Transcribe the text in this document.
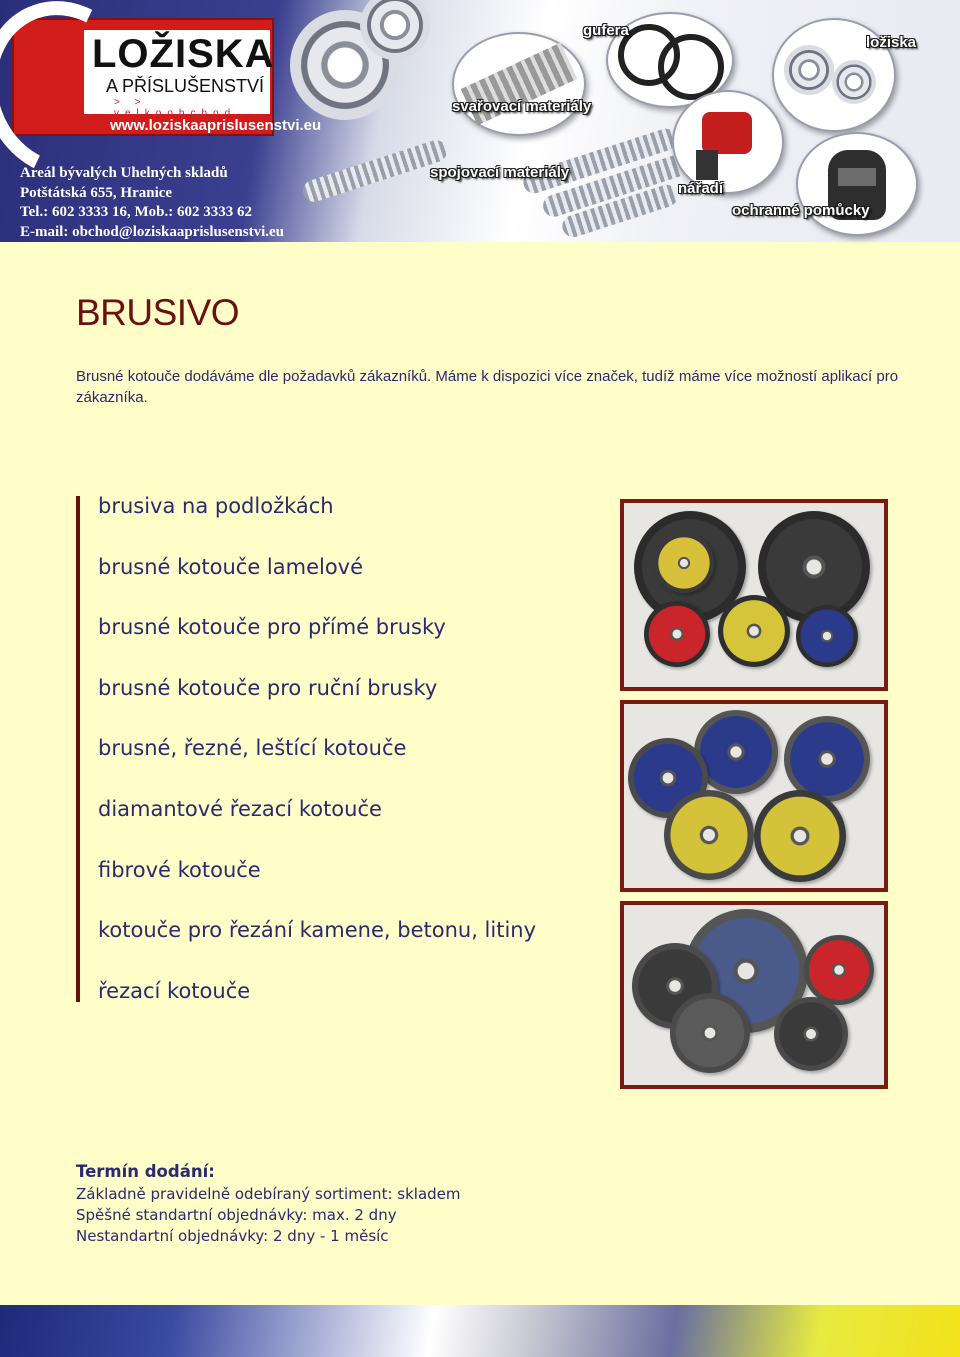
LOŽISKA
A PŘÍSLUŠENSTVÍ
> > velkoobchod
www.loziskaaprislusenstvi.eu
Areál bývalých Uhelných skladů
Potštátská 655, Hranice
Tel.: 602 3333 16, Mob.: 602 3333 62
E-mail: obchod@loziskaaprislusenstvi.eu
gufera
ložiska
svařovací materiály
spojovací materiály
nářadí
ochranné pomůcky
BRUSIVO

Brusné kotouče dodáváme dle požadavků zákazníků. Máme k dispozici více značek, tudíž máme více možností aplikací pro zákazníka.

brusiva na podložkách
brusné kotouče lamelové
brusné kotouče pro přímé brusky
brusné kotouče pro ruční brusky
brusné, řezné, leštící kotouče
diamantové řezací kotouče
fibrové kotouče
kotouče pro řezání kamene, betonu, litiny
řezací kotouče
Termín dodání:
Základně pravidelně odebíraný sortiment: skladem
Spěšné standartní objednávky: max. 2 dny
Nestandartní objednávky: 2 dny - 1 měsíc
